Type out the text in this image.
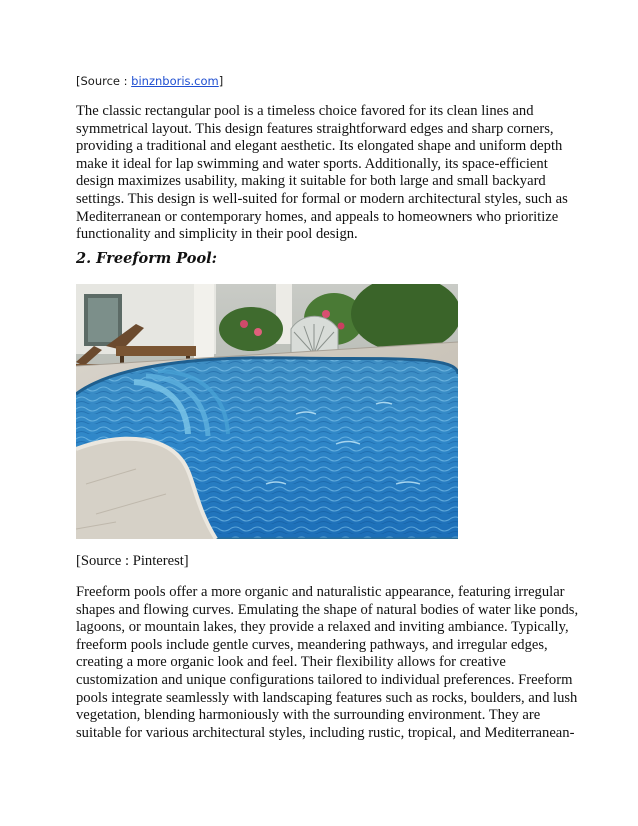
[Source : binznboris.com]

The classic rectangular pool is a timeless choice favored for its clean lines and
symmetrical layout. This design features straightforward edges and sharp corners,
providing a traditional and elegant aesthetic. Its elongated shape and uniform depth
make it ideal for lap swimming and water sports. Additionally, its space-efficient
design maximizes usability, making it suitable for both large and small backyard
settings. This design is well-suited for formal or modern architectural styles, such as
Mediterranean or contemporary homes, and appeals to homeowners who prioritize
functionality and simplicity in their pool design.

2. Freeform Pool:
[Source : Pinterest]

Freeform pools offer a more organic and naturalistic appearance, featuring irregular
shapes and flowing curves. Emulating the shape of natural bodies of water like ponds,
lagoons, or mountain lakes, they provide a relaxed and inviting ambiance. Typically,
freeform pools include gentle curves, meandering pathways, and irregular edges,
creating a more organic look and feel. Their flexibility allows for creative
customization and unique configurations tailored to individual preferences. Freeform
pools integrate seamlessly with landscaping features such as rocks, boulders, and lush
vegetation, blending harmoniously with the surrounding environment. They are
suitable for various architectural styles, including rustic, tropical, and Mediterranean-
